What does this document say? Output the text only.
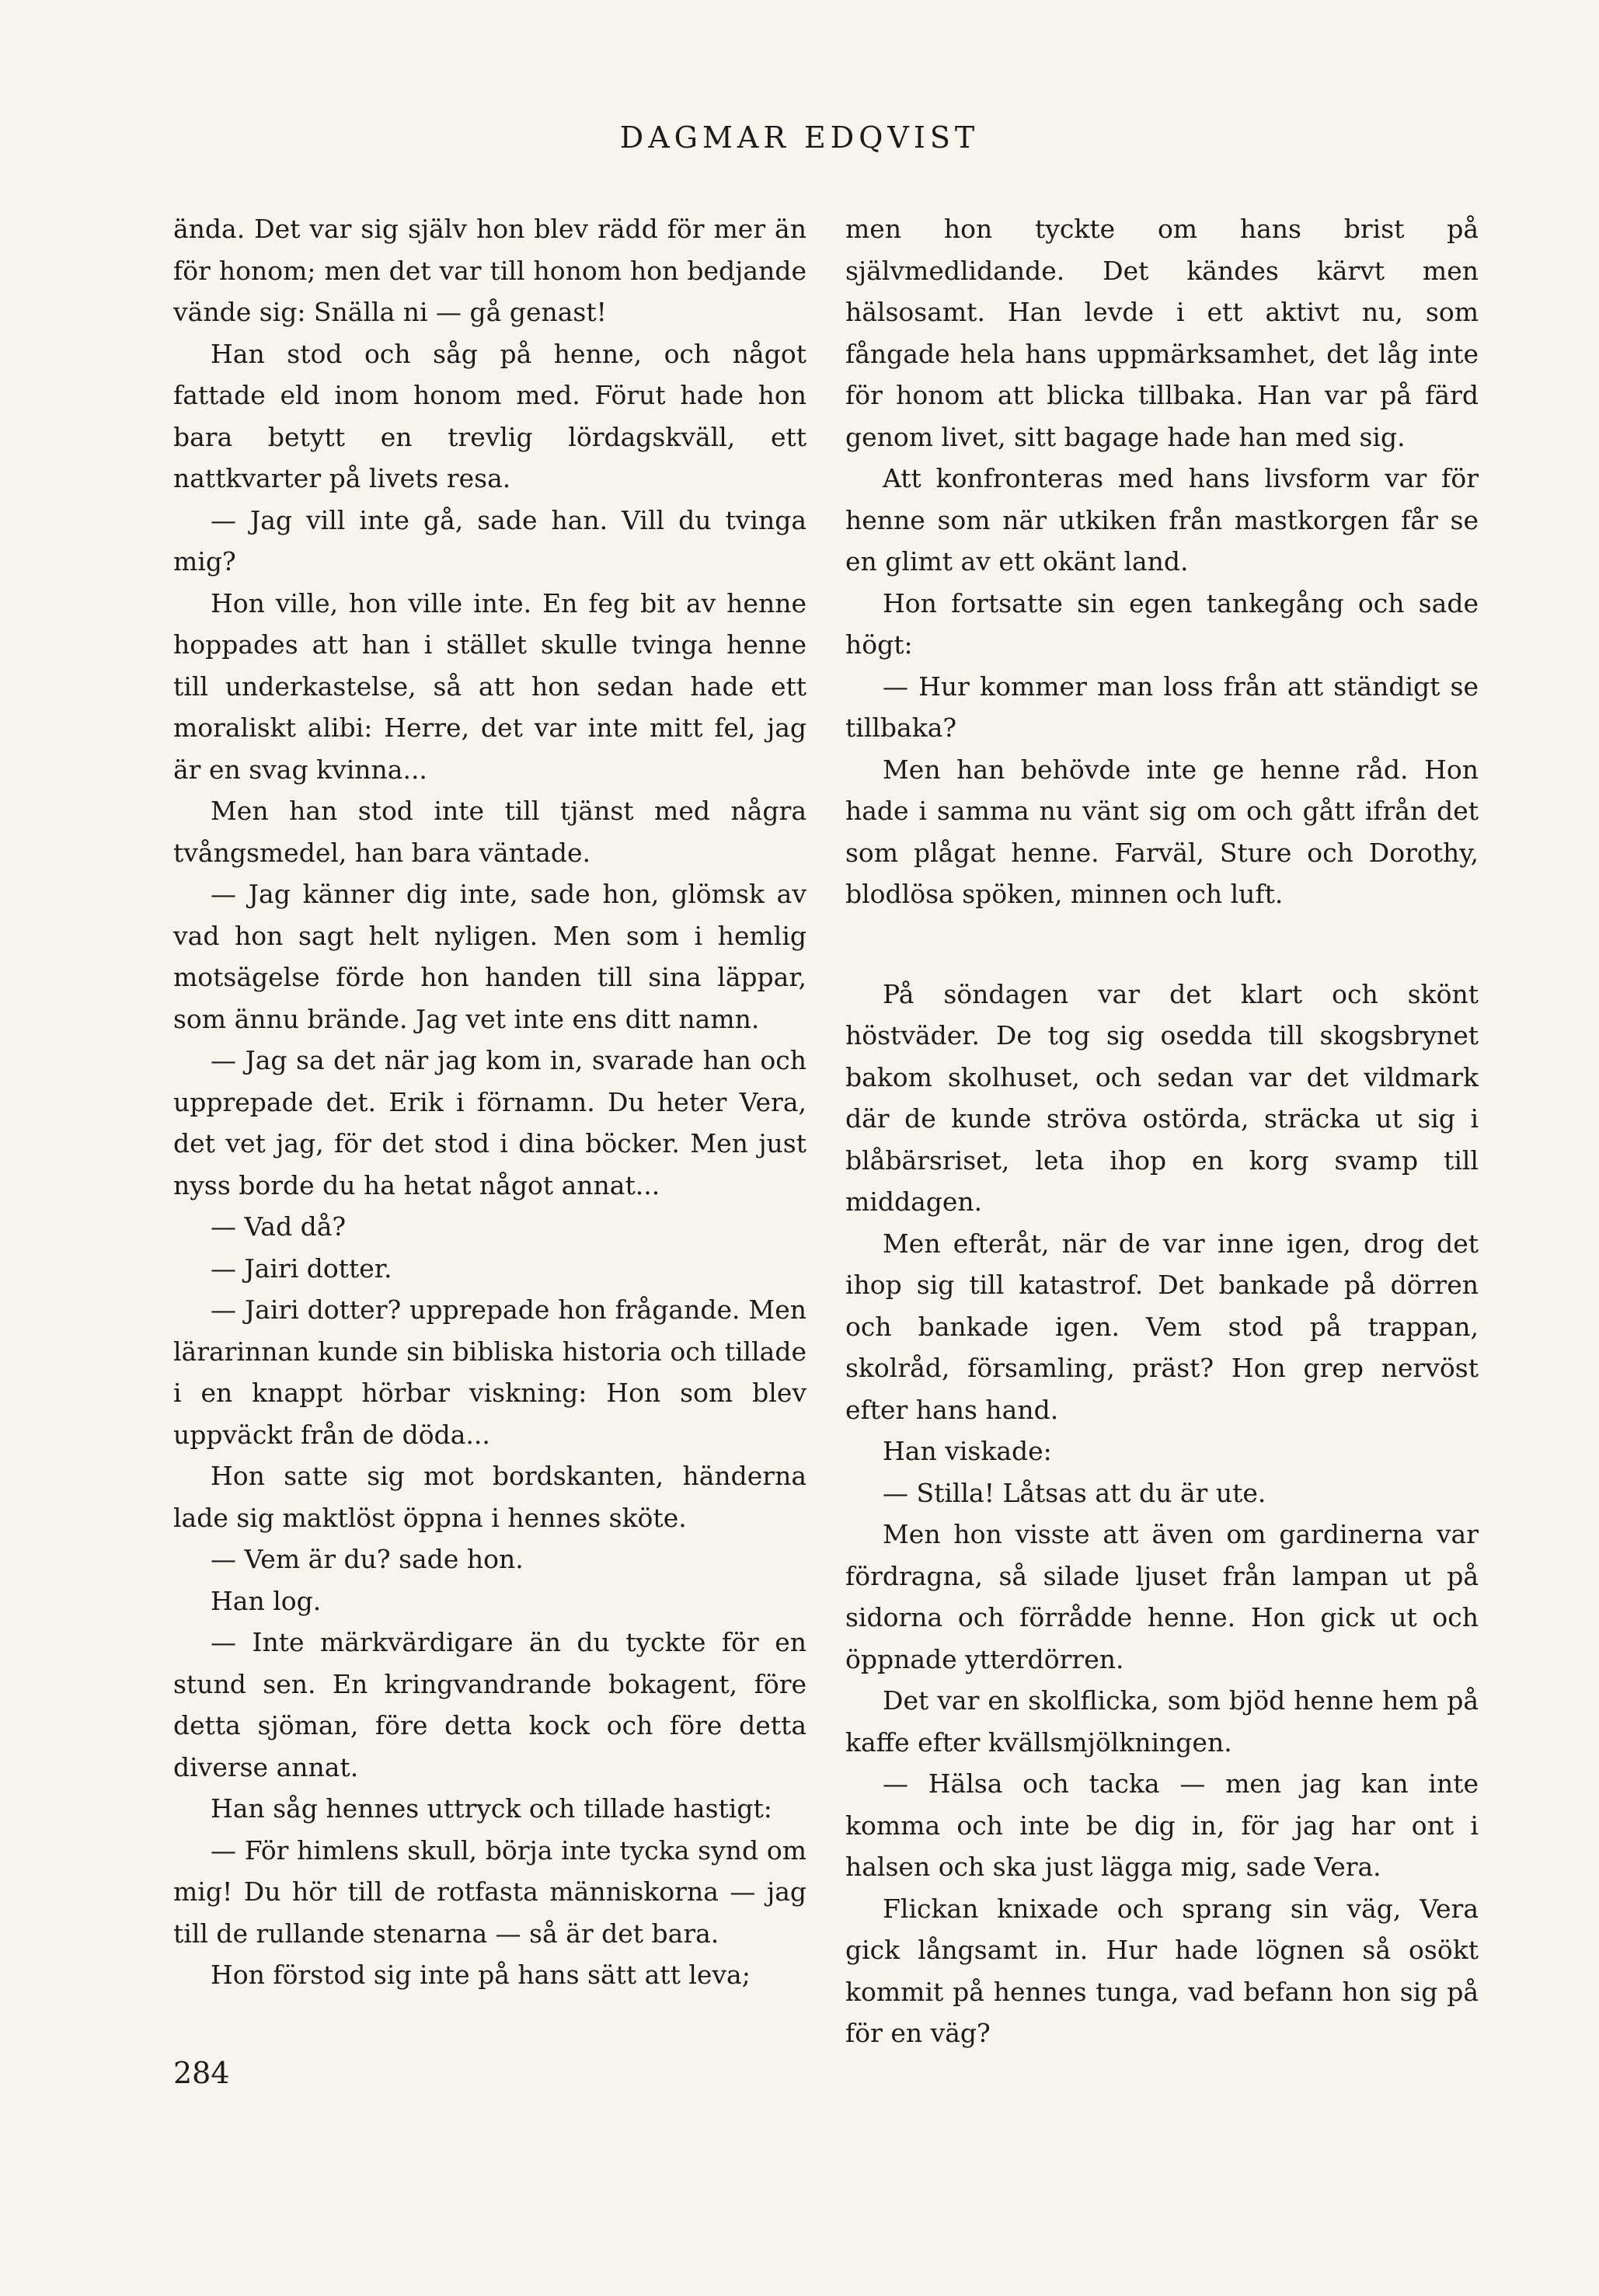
DAGMAR EDQVIST

ända. Det var sig själv hon blev rädd för mer än för honom; men det var till honom hon bedjande vände sig: Snälla ni — gå genast!

Han stod och såg på henne, och något fattade eld inom honom med. Förut hade hon bara betytt en trevlig lördagskväll, ett nattkvarter på livets resa.

— Jag vill inte gå, sade han. Vill du tvinga mig?

Hon ville, hon ville inte. En feg bit av henne hoppades att han i stället skulle tvinga henne till underkastelse, så att hon sedan hade ett moraliskt alibi: Herre, det var inte mitt fel, jag är en svag kvinna...

Men han stod inte till tjänst med några tvångsmedel, han bara väntade.

— Jag känner dig inte, sade hon, glömsk av vad hon sagt helt nyligen. Men som i hemlig motsägelse förde hon handen till sina läppar, som ännu brände. Jag vet inte ens ditt namn.

— Jag sa det när jag kom in, svarade han och upprepade det. Erik i förnamn. Du heter Vera, det vet jag, för det stod i dina böcker. Men just nyss borde du ha hetat något annat...

— Vad då?

— Jairi dotter.

— Jairi dotter? upprepade hon frågande. Men lärarinnan kunde sin bibliska historia och tillade i en knappt hörbar viskning: Hon som blev uppväckt från de döda...

Hon satte sig mot bordskanten, händerna lade sig maktlöst öppna i hennes sköte.

— Vem är du? sade hon.

Han log.

— Inte märkvärdigare än du tyckte för en stund sen. En kringvandrande bokagent, före detta sjöman, före detta kock och före detta diverse annat.

Han såg hennes uttryck och tillade hastigt:

— För himlens skull, börja inte tycka synd om mig! Du hör till de rotfasta människorna — jag till de rullande stenarna — så är det bara.

Hon förstod sig inte på hans sätt att leva;

men hon tyckte om hans brist på självmedlidande. Det kändes kärvt men hälsosamt. Han levde i ett aktivt nu, som fångade hela hans uppmärksamhet, det låg inte för honom att blicka tillbaka. Han var på färd genom livet, sitt bagage hade han med sig.

Att konfronteras med hans livsform var för henne som när utkiken från mastkorgen får se en glimt av ett okänt land.

Hon fortsatte sin egen tankegång och sade högt:

— Hur kommer man loss från att ständigt se tillbaka?

Men han behövde inte ge henne råd. Hon hade i samma nu vänt sig om och gått ifrån det som plågat henne. Farväl, Sture och Dorothy, blodlösa spöken, minnen och luft.

På söndagen var det klart och skönt höstväder. De tog sig osedda till skogsbrynet bakom skolhuset, och sedan var det vildmark där de kunde ströva ostörda, sträcka ut sig i blåbärsriset, leta ihop en korg svamp till middagen.

Men efteråt, när de var inne igen, drog det ihop sig till katastrof. Det bankade på dörren och bankade igen. Vem stod på trappan, skolråd, församling, präst? Hon grep nervöst efter hans hand.

Han viskade:

— Stilla! Låtsas att du är ute.

Men hon visste att även om gardinerna var fördragna, så silade ljuset från lampan ut på sidorna och förrådde henne. Hon gick ut och öppnade ytterdörren.

Det var en skolflicka, som bjöd henne hem på kaffe efter kvällsmjölkningen.

— Hälsa och tacka — men jag kan inte komma och inte be dig in, för jag har ont i halsen och ska just lägga mig, sade Vera.

Flickan knixade och sprang sin väg, Vera gick långsamt in. Hur hade lögnen så osökt kommit på hennes tunga, vad befann hon sig på för en väg?

284
